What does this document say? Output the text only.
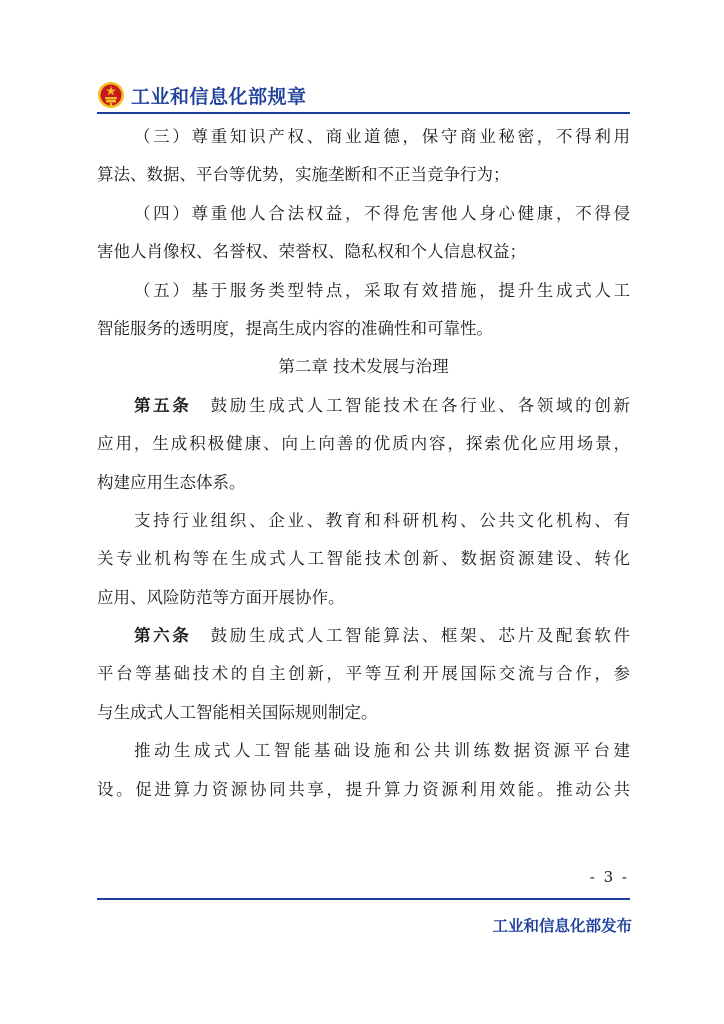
工业和信息化部规章
（三）尊重知识产权、商业道德，保守商业秘密，不得利用
算法、数据、平台等优势，实施垄断和不正当竞争行为；
（四）尊重他人合法权益，不得危害他人身心健康，不得侵
害他人肖像权、名誉权、荣誉权、隐私权和个人信息权益；
（五）基于服务类型特点，采取有效措施，提升生成式人工
智能服务的透明度，提高生成内容的准确性和可靠性。
第二章 技术发展与治理
第五条　 鼓励生成式人工智能技术在各行业、各领域的创新
应用，生成积极健康、向上向善的优质内容，探索优化应用场景，
构建应用生态体系。
支持行业组织、企业、教育和科研机构、公共文化机构、有
关专业机构等在生成式人工智能技术创新、数据资源建设、转化
应用、风险防范等方面开展协作。
第六条　 鼓励生成式人工智能算法、框架、芯片及配套软件
平台等基础技术的自主创新，平等互利开展国际交流与合作，参
与生成式人工智能相关国际规则制定。
推动生成式人工智能基础设施和公共训练数据资源平台建
设。促进算力资源协同共享，提升算力资源利用效能。推动公共
- 3 -
工业和信息化部发布
